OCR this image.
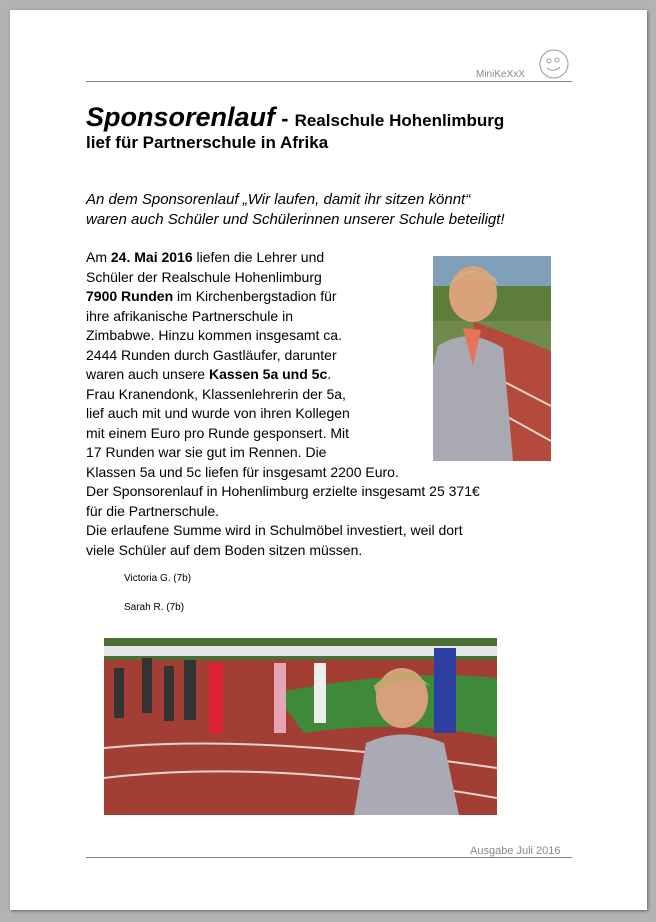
MiniKeXxX
Sponsorenlauf - Realschule Hohenlimburg
lief für Partnerschule in Afrika
An dem Sponsorenlauf „Wir laufen, damit ihr sitzen könnt“
waren auch Schüler und Schülerinnen unserer Schule beteiligt!
Am 24. Mai 2016 liefen die Lehrer und
Schüler der Realschule Hohenlimburg
7900 Runden im Kirchenbergstadion für
ihre afrikanische Partnerschule in
Zimbabwe. Hinzu kommen insgesamt ca.
2444 Runden durch Gastläufer, darunter
waren auch unsere Kassen 5a und 5c.
Frau Kranendonk, Klassenlehrerin der 5a,
lief auch mit und wurde von ihren Kollegen
mit einem Euro pro Runde gesponsert. Mit
17 Runden war sie gut im Rennen. Die
Klassen 5a und 5c liefen für insgesamt 2200 Euro.
Der Sponsorenlauf in Hohenlimburg erzielte insgesamt 25 371€
für die Partnerschule.
Die erlaufene Summe wird in Schulmöbel investiert, weil dort
viele Schüler auf dem Boden sitzen müssen.
Victoria G. (7b)
Sarah R. (7b)
Ausgabe Juli 2016
